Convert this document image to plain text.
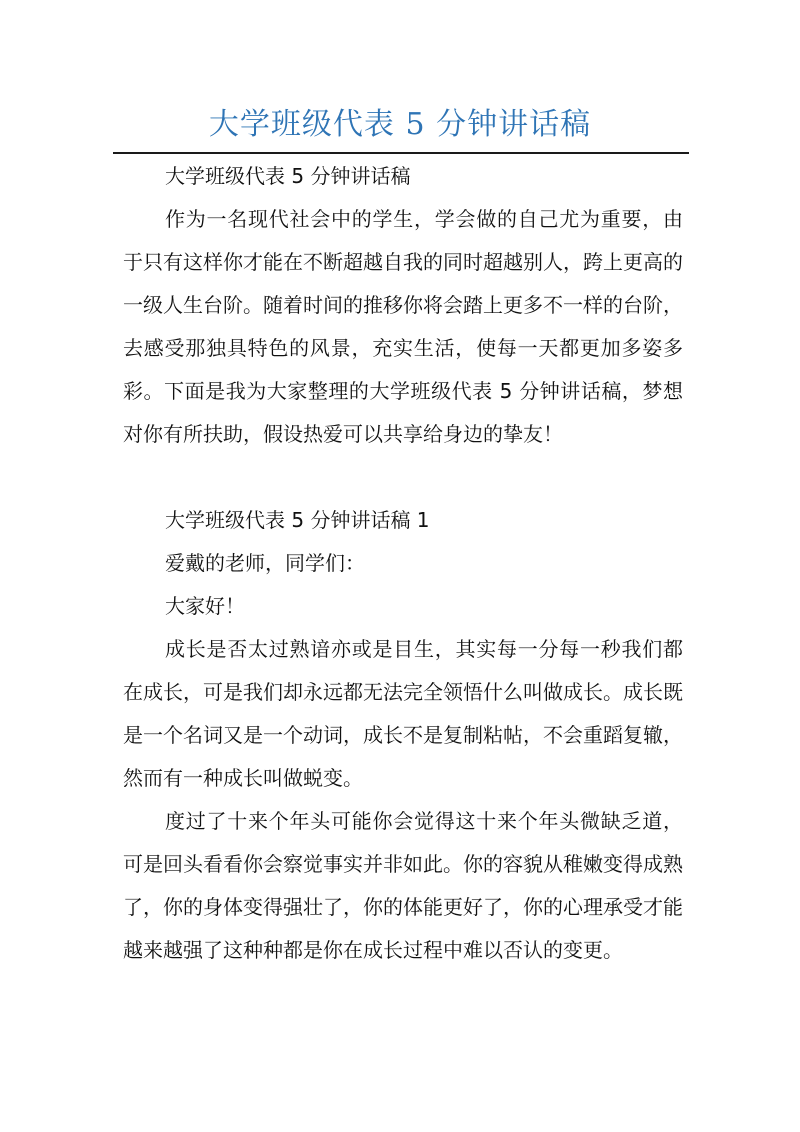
大学班级代表 5 分钟讲话稿

大学班级代表 5 分钟讲话稿

作为一名现代社会中的学生，学会做的自己尤为重要，由于只有这样你才能在不断超越自我的同时超越别人，跨上更高的一级人生台阶。随着时间的推移你将会踏上更多不一样的台阶，去感受那独具特色的风景，充实生活，使每一天都更加多姿多彩。下面是我为大家整理的大学班级代表 5 分钟讲话稿，梦想对你有所扶助，假设热爱可以共享给身边的挚友！

大学班级代表 5 分钟讲话稿 1

爱戴的老师，同学们：

大家好！

成长是否太过熟谙亦或是目生，其实每一分每一秒我们都在成长，可是我们却永远都无法完全领悟什么叫做成长。成长既是一个名词又是一个动词，成长不是复制粘帖，不会重蹈复辙，然而有一种成长叫做蜕变。

度过了十来个年头可能你会觉得这十来个年头微缺乏道，可是回头看看你会察觉事实并非如此。你的容貌从稚嫩变得成熟了，你的身体变得强壮了，你的体能更好了，你的心理承受才能越来越强了这种种都是你在成长过程中难以否认的变更。
